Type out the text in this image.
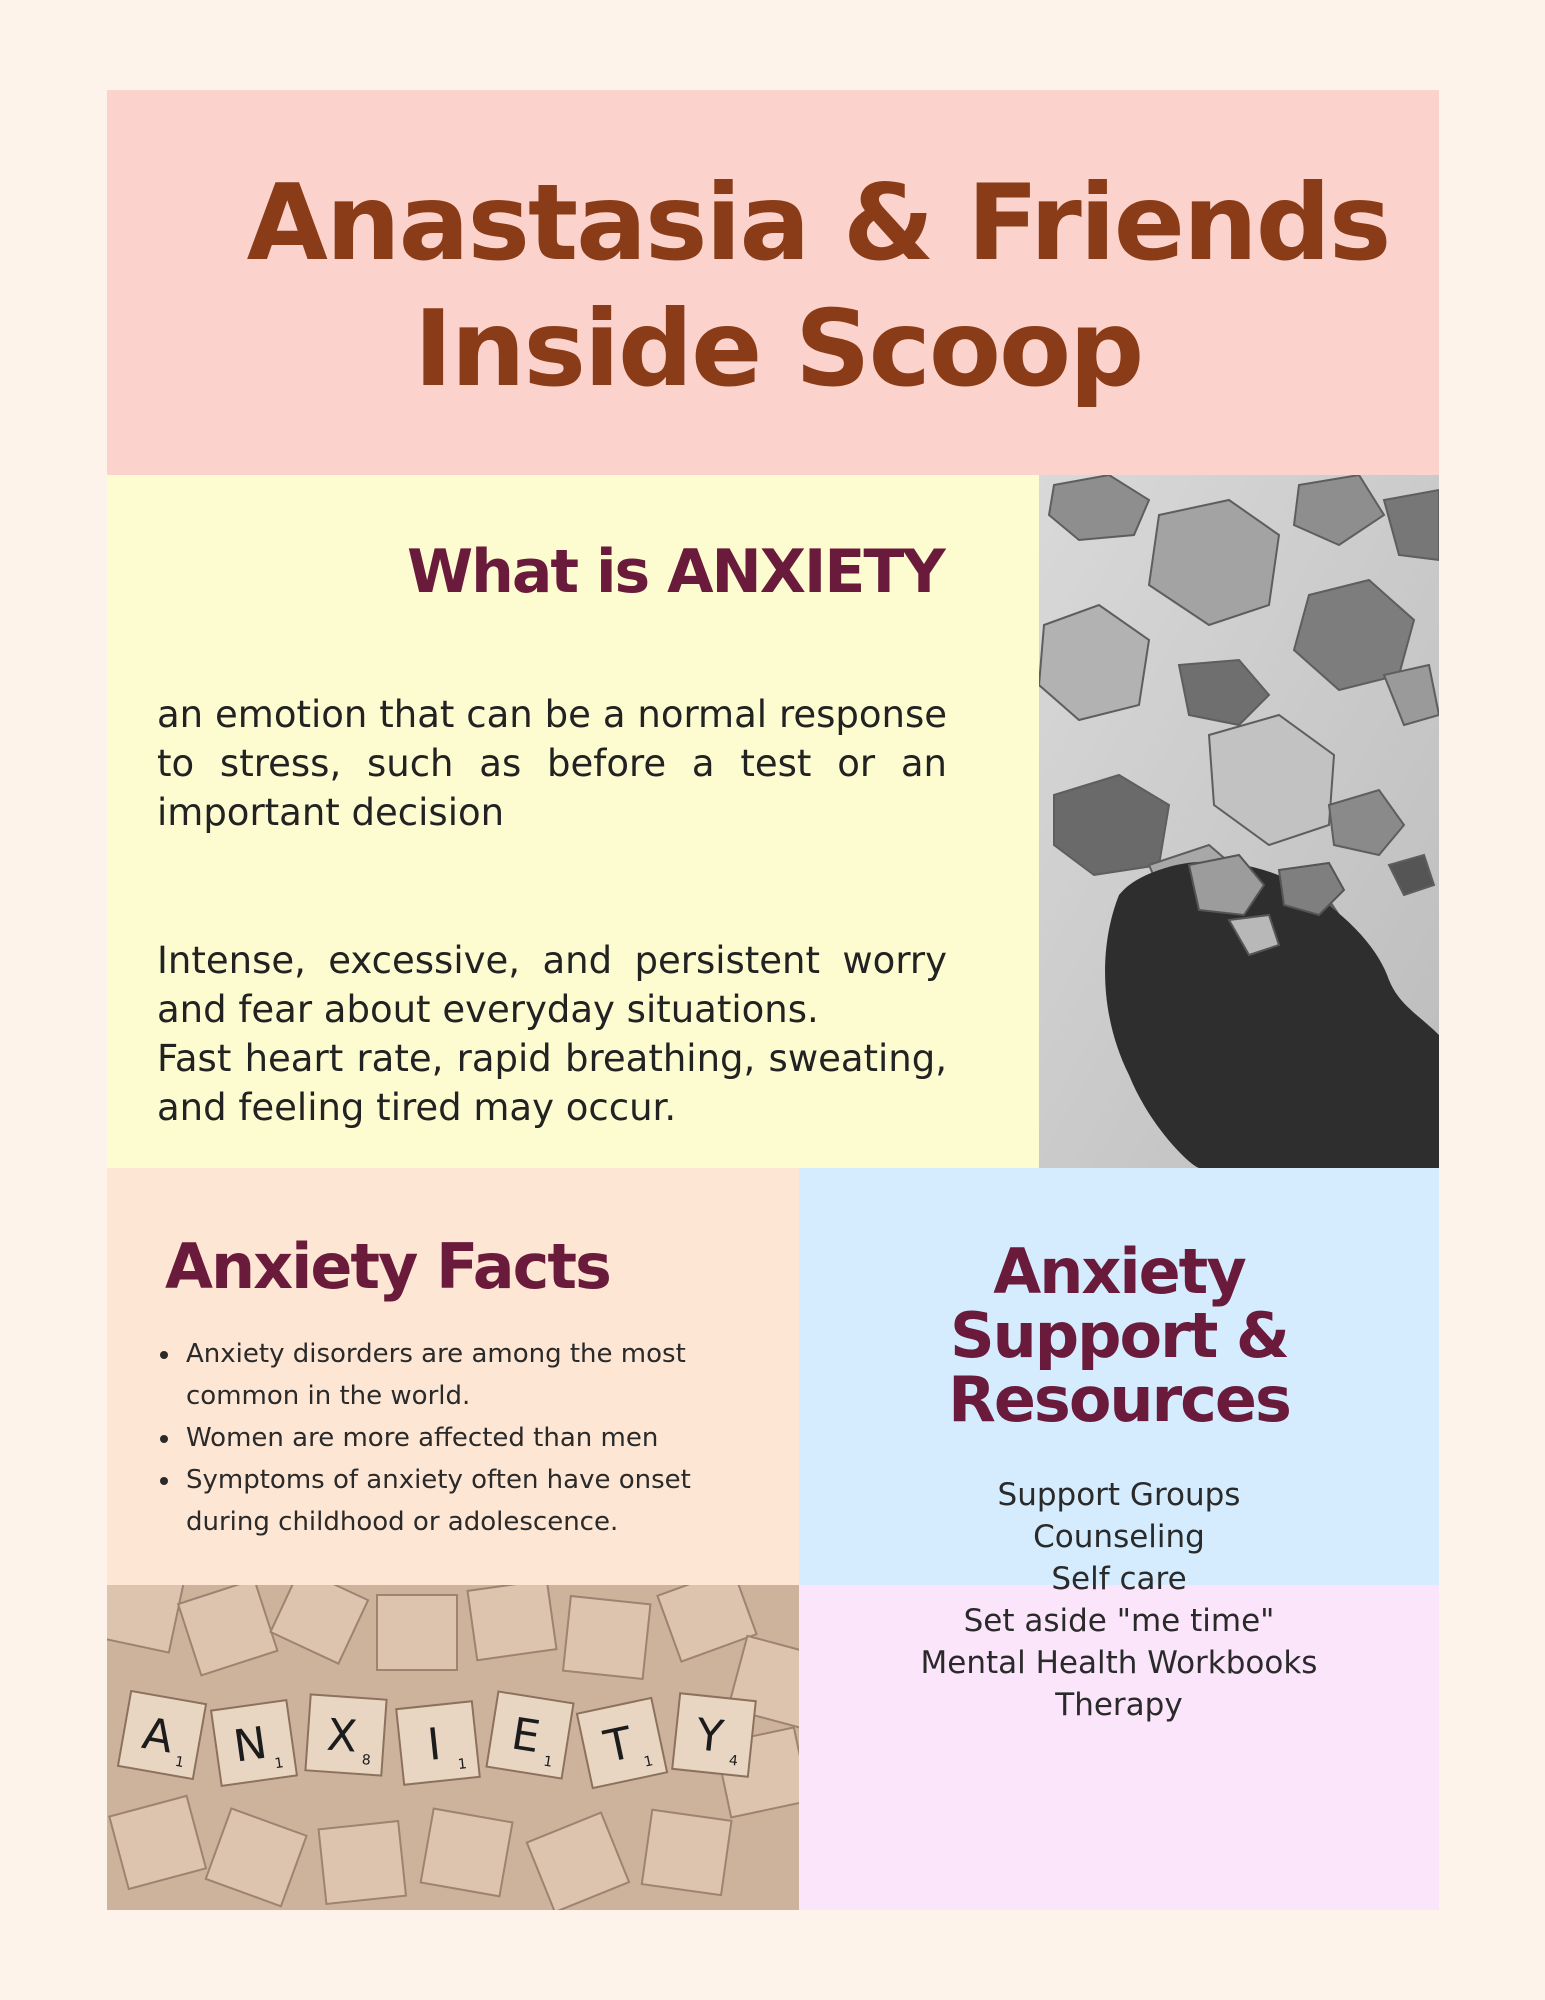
Anastasia & Friends
Inside Scoop
What is ANXIETY

an emotion that can be a normal response to stress, such as before a test or an important decision

Intense, excessive, and persistent worry and fear about everyday situations.

Fast heart rate, rapid breathing, sweating, and feeling tired may occur.

Anxiety Facts
• Anxiety disorders are among the most common in the world.
• Women are more affected than men
• Symptoms of anxiety often have onset during childhood or adolescence.
Anxiety
Support &
Resources
Support Groups
Counseling
Self care
Set aside "me time"
Mental Health Workbooks
Therapy
A
1 N 1
X 8 I 1
E
1 T 1 Y 4
